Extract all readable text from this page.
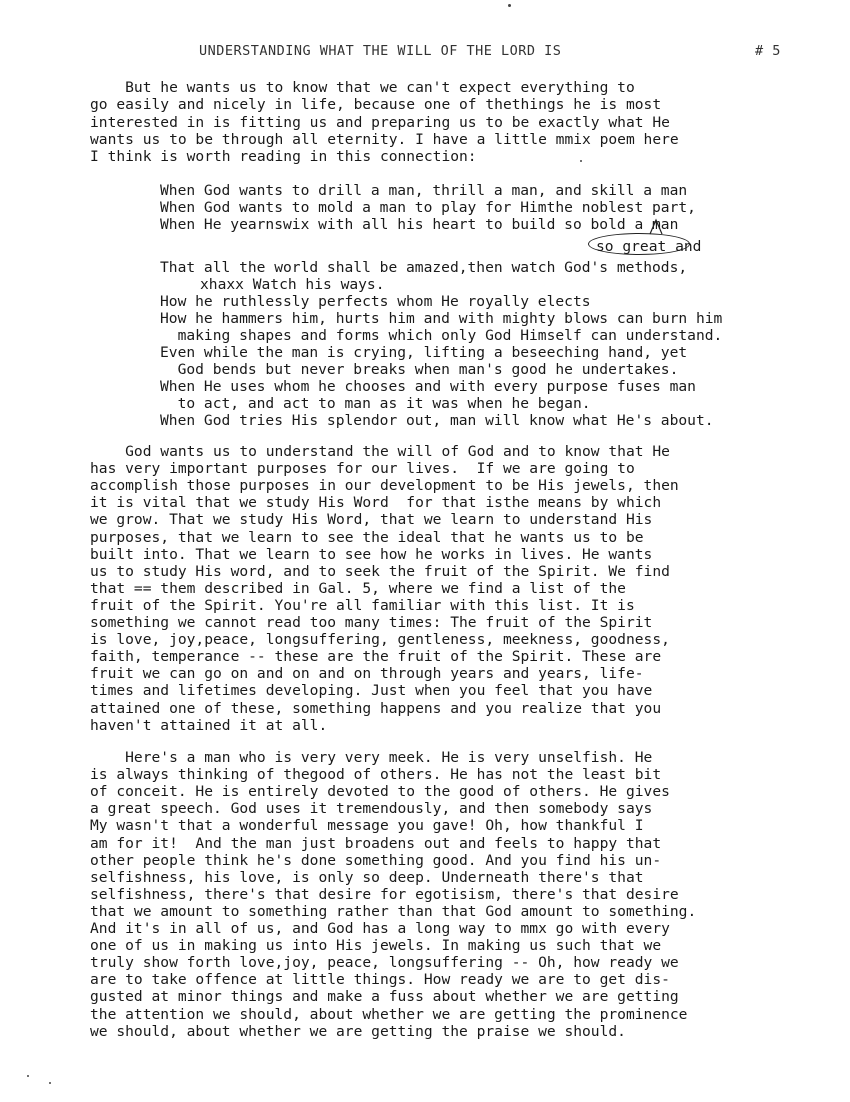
UNDERSTANDING WHAT THE WILL OF THE LORD IS	# 5
But he wants us to know that we can't expect everything to
go easily and nicely in life, because one of thethings he is most
interested in is fitting us and preparing us to be exactly what He
wants us to be through all eternity. I have a little mmix poem here
I think is worth reading in this connection:
When God wants to drill a man, thrill a man, and skill a man
When God wants to mold a man to play for Himthe noblest part,
When He yearnswix with all his heart to build so bold a man
That all the world shall be amazed,then watch God's methods,
xhaxx Watch his ways.
How he ruthlessly perfects whom He royally elects
How he hammers him, hurts him and with mighty blows can burn him
making shapes and forms which only God Himself can understand.
Even while the man is crying, lifting a beseeching hand, yet
God bends but never breaks when man's good he undertakes.
When He uses whom he chooses and with every purpose fuses man
to act, and act to man as it was when he began.
When God tries His splendor out, man will know what He's about.
God wants us to understand the will of God and to know that He
has very important purposes for our lives.  If we are going to
accomplish those purposes in our development to be His jewels, then
it is vital that we study His Word  for that isthe means by which
we grow. That we study His Word, that we learn to understand His
purposes, that we learn to see the ideal that he wants us to be
built into. That we learn to see how he works in lives. He wants
us to study His word, and to seek the fruit of the Spirit. We find
that == them described in Gal. 5, where we find a list of the
fruit of the Spirit. You're all familiar with this list. It is
something we cannot read too many times: The fruit of the Spirit
is love, joy,peace, longsuffering, gentleness, meekness, goodness,
faith, temperance -- these are the fruit of the Spirit. These are
fruit we can go on and on and on through years and years, life-
times and lifetimes developing. Just when you feel that you have
attained one of these, something happens and you realize that you
haven't attained it at all.
Here's a man who is very very meek. He is very unselfish. He
is always thinking of thegood of others. He has not the least bit
of conceit. He is entirely devoted to the good of others. He gives
a great speech. God uses it tremendously, and then somebody says
My wasn't that a wonderful message you gave! Oh, how thankful I
am for it!  And the man just broadens out and feels to happy that
other people think he's done something good. And you find his un-
selfishness, his love, is only so deep. Underneath there's that
selfishness, there's that desire for egotisism, there's that desire
that we amount to something rather than that God amount to something.
And it's in all of us, and God has a long way to mmx go with every
one of us in making us into His jewels. In making us such that we
truly show forth love,joy, peace, longsuffering -- Oh, how ready we
are to take offence at little things. How ready we are to get dis-
gusted at minor things and make a fuss about whether we are getting
the attention we should, about whether we are getting the prominence
we should, about whether we are getting the praise we should.
so great and
